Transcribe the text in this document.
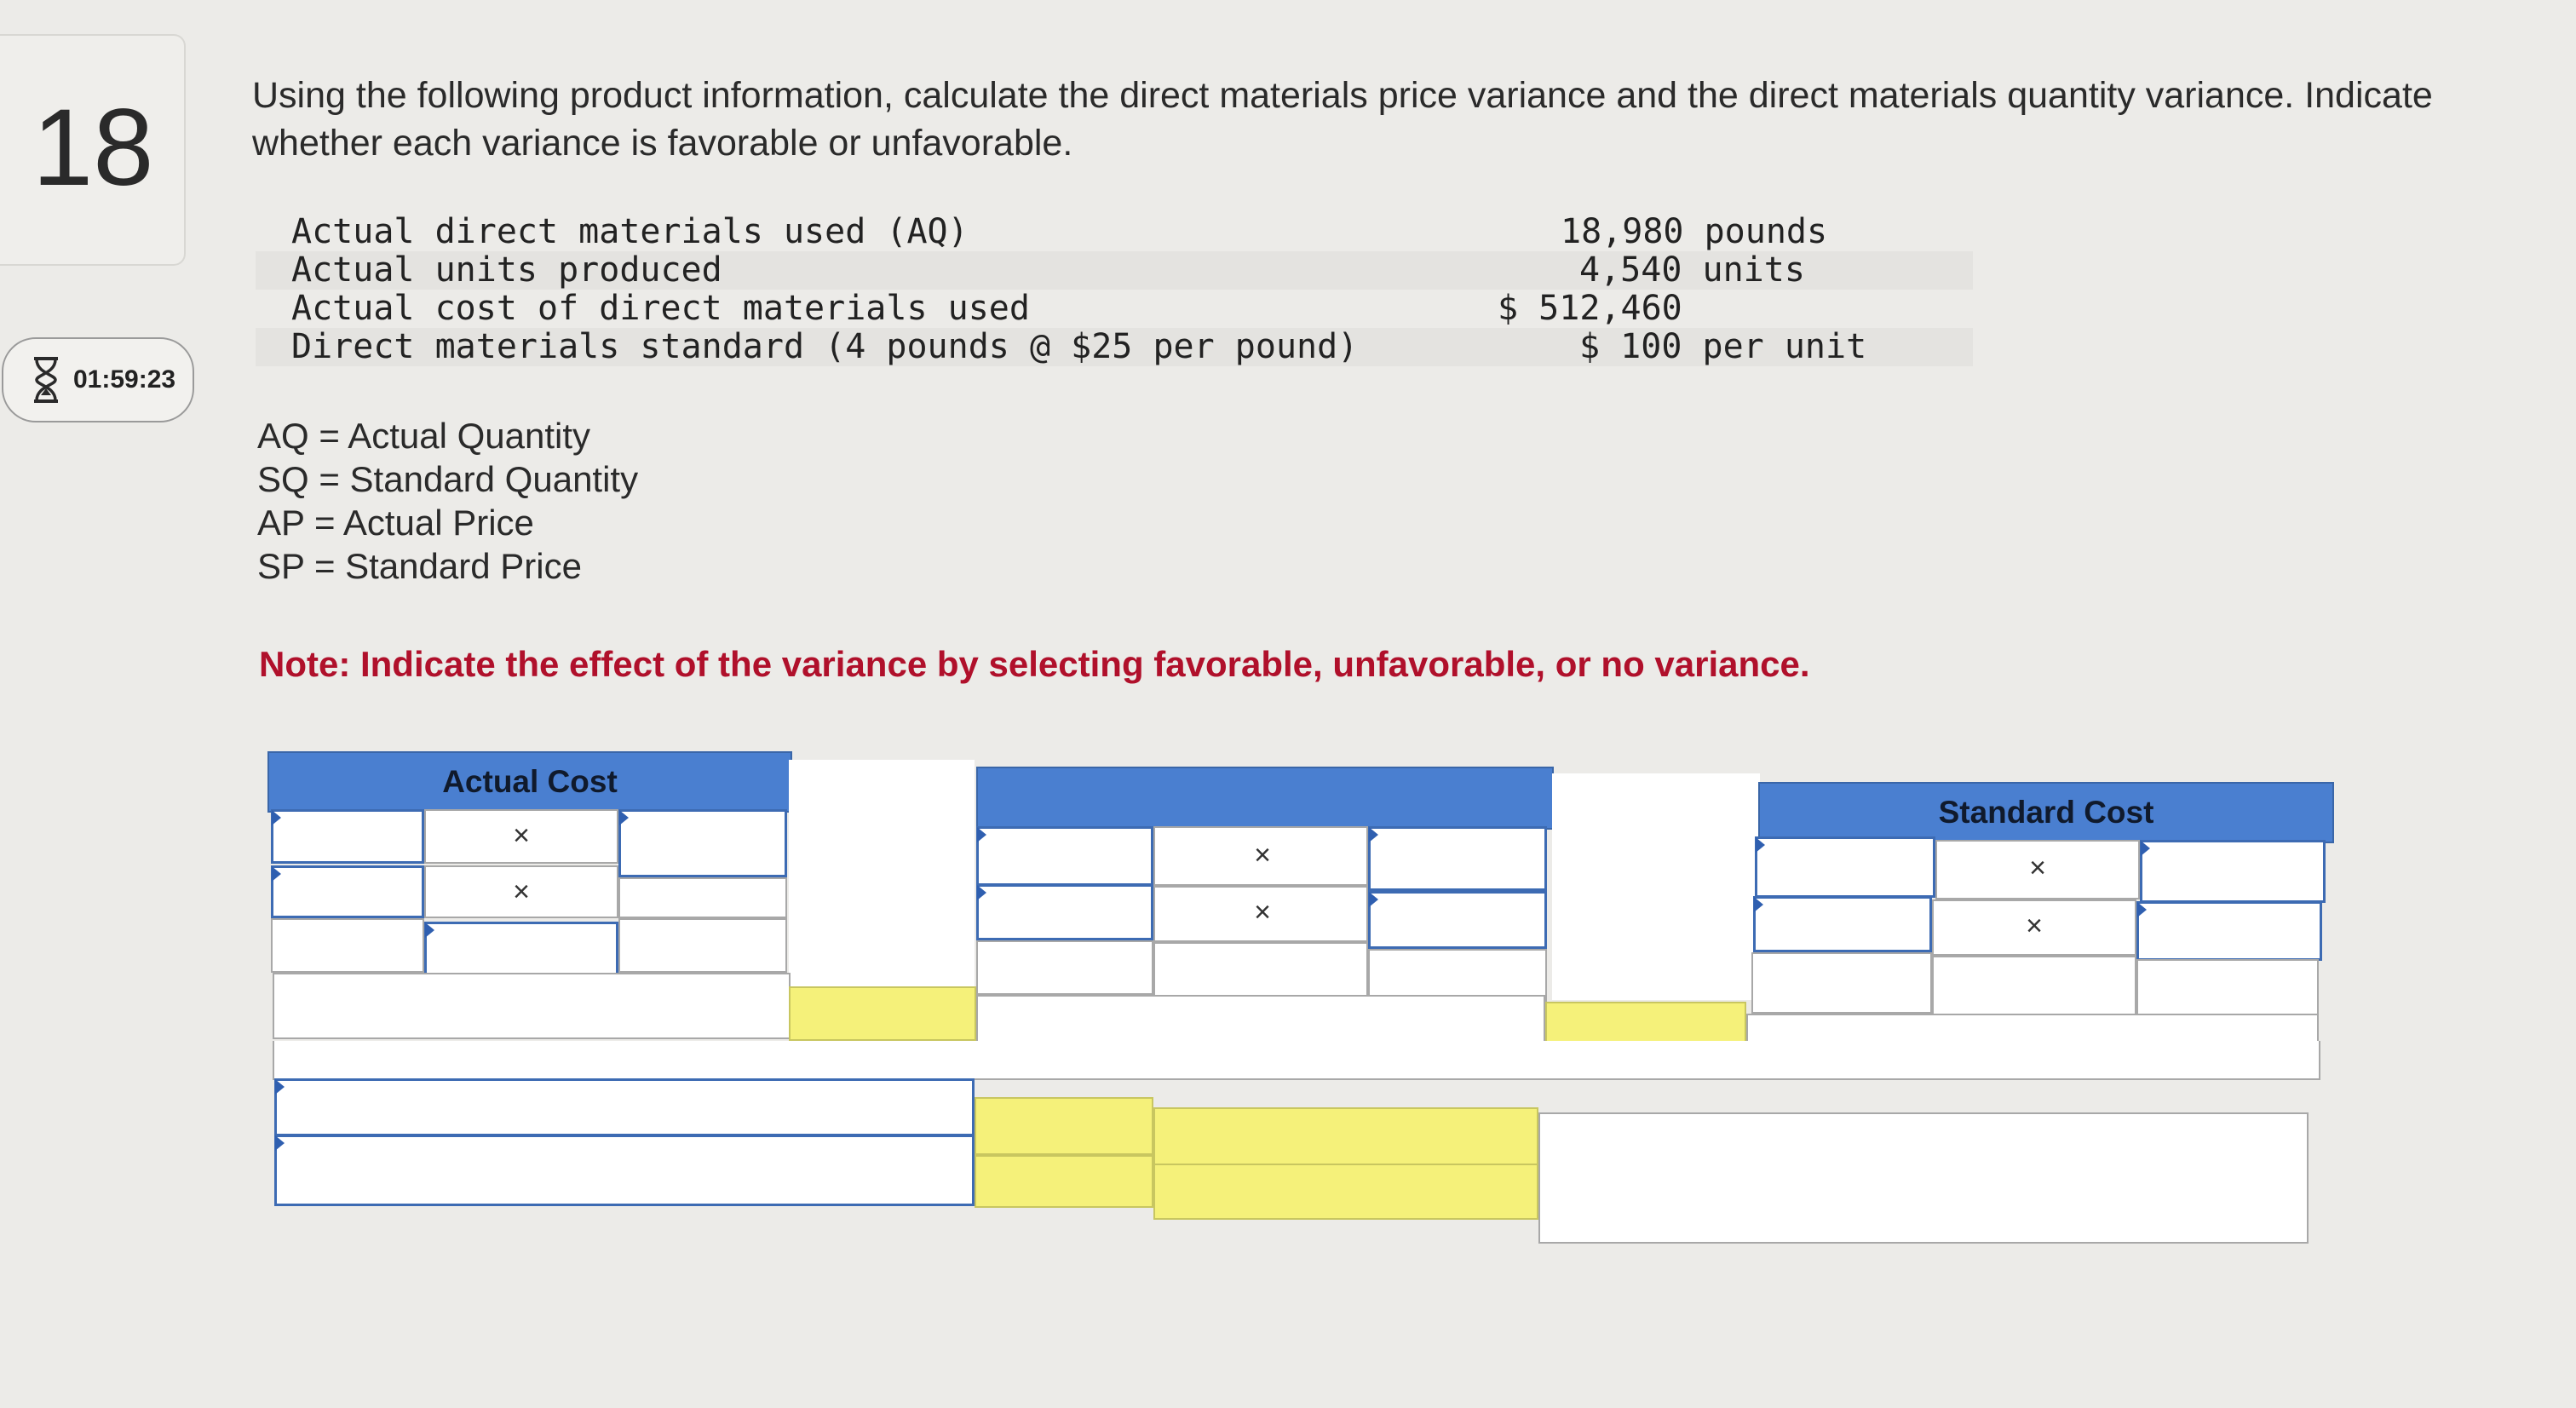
18
01:59:23
Using the following product information, calculate the direct materials price variance and the direct materials quantity variance. Indicate whether each variance is favorable or unfavorable.
Actual direct materials used (AQ)	18,980 pounds
Actual units produced	4,540 units
Actual cost of direct materials used	$ 512,460
Direct materials standard (4 pounds @ $25 per pound)	$ 100 per unit
AQ = Actual Quantity
SQ = Standard Quantity
AP = Actual Price
SP = Standard Price
Note: Indicate the effect of the variance by selecting favorable, unfavorable, or no variance.
Actual Cost
×
×
×
×
Standard Cost
×
×
